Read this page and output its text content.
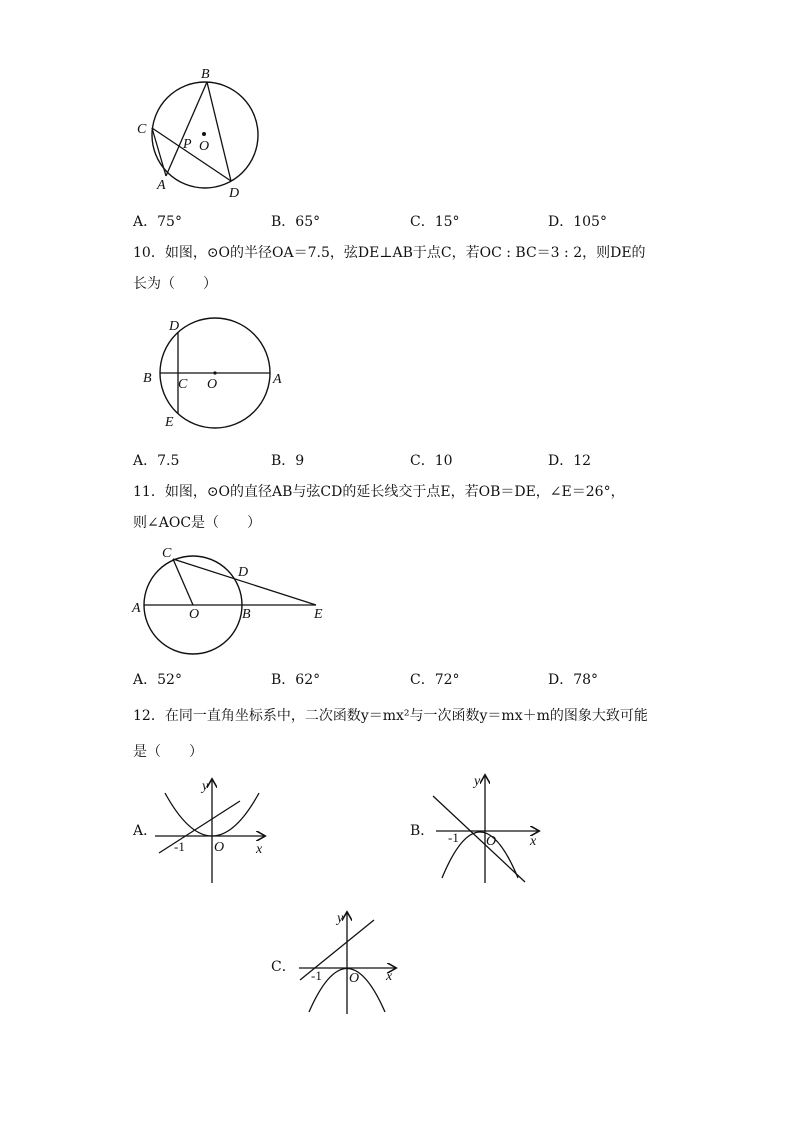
B
C
P O
A
D
A．75°	B．65°	C．15°	D．105°
10．如图，⊙O的半径OA＝7.5，弦DE⊥AB于点C，若OC : BC＝3 : 2，则DE的
长为（　　）
D
B C O	A
E
A．7.5	B．9	C．10	D．12
11．如图，⊙O的直径AB与弦CD的延长线交于点E，若OB＝DE，∠E＝26°，
则∠AOC是（　　）
C
D
A	O	B	E
A．52°	B．62°	C．72°	D．78°
12．在同一直角坐标系中，二次函数y＝mx²与一次函数y＝mx＋m的图象大致可能
是（　　）
A．
y
x
O
-1
B．
y
x
O
-1
C．
y
x
O
-1
